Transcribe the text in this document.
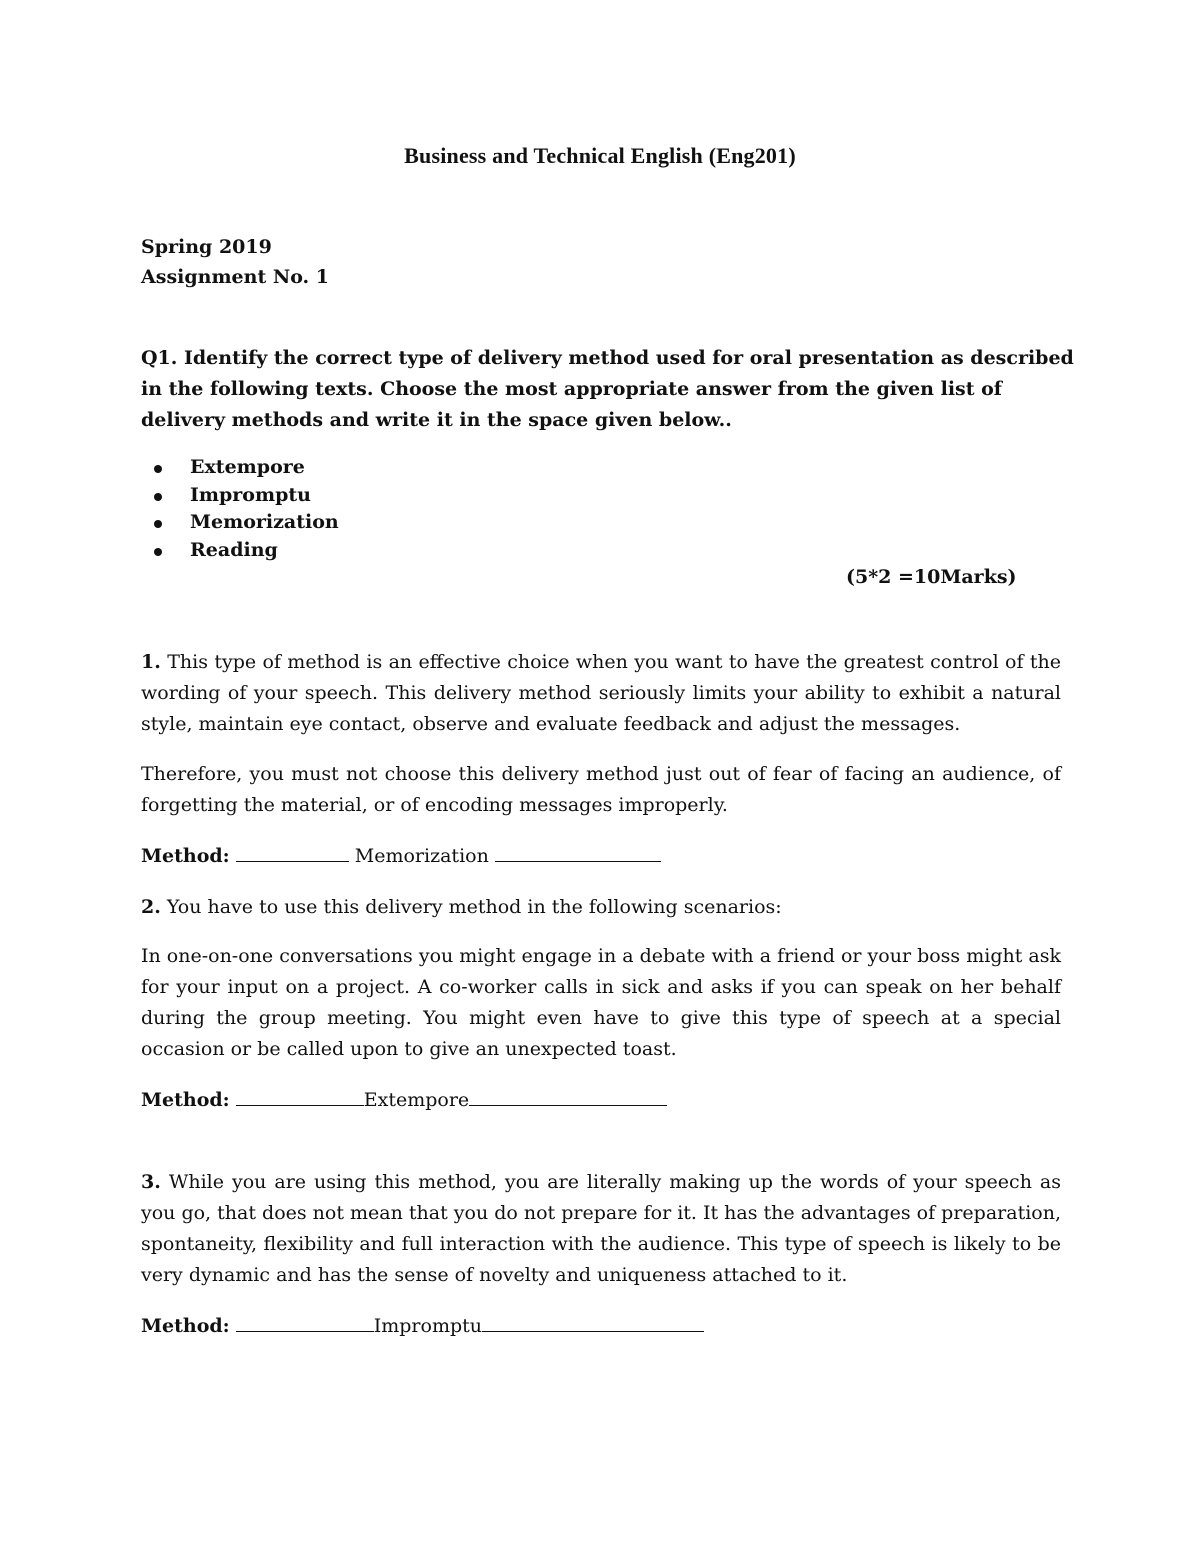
Business and Technical English (Eng201)
Spring 2019
Assignment No. 1
Q1. Identify the correct type of delivery method used for oral presentation as described in the following texts. Choose the most appropriate answer from the given list of delivery methods and write it in the space given below..
Extempore
Impromptu
Memorization
Reading
(5*2 =10Marks)

1. This type of method is an effective choice when you want to have the greatest control of the wording of your speech. This delivery method seriously limits your ability to exhibit a natural style, maintain eye contact, observe and evaluate feedback and adjust the messages.

Therefore, you must not choose this delivery method just out of fear of facing an audience, of forgetting the material, or of encoding messages improperly.

Method:	Memorization

2. You have to use this delivery method in the following scenarios:

In one-on-one conversations you might engage in a debate with a friend or your boss might ask for your input on a project. A co-worker calls in sick and asks if you can speak on her behalf during the group meeting. You might even have to give this type of speech at a special occasion or be called upon to give an unexpected toast.

Method:	Extempore

3. While you are using this method, you are literally making up the words of your speech as you go, that does not mean that you do not prepare for it. It has the advantages of preparation, spontaneity, flexibility and full interaction with the audience. This type of speech is likely to be very dynamic and has the sense of novelty and uniqueness attached to it.

Method:	Impromptu
